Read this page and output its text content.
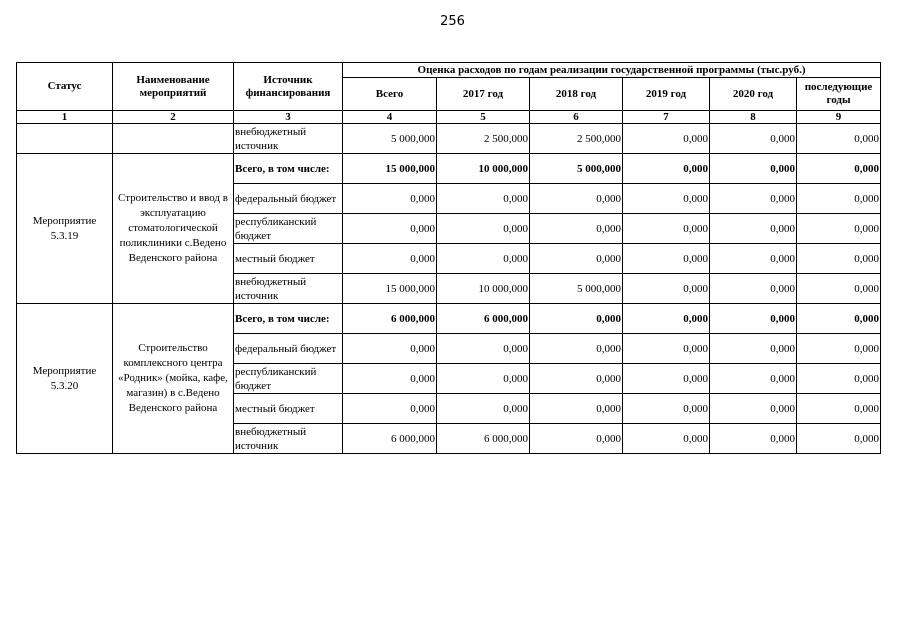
256
Статус	Наименование мероприятий	Источник финансирования	Оценка расходов по годам реализации государственной программы (тыс.руб.)					
			Всего	2017 год	2018 год	2019 год	2020 год	последующие годы
1	2	3	4	5	6	7	8	9
		внебюджетный источник	5 000,000	2 500,000	2 500,000	0,000	0,000	0,000
Мероприятие 5.3.19	Строительство и ввод в эксплуатацию стоматологической поликлиники с.Ведено Веденского района	Всего, в том числе:	15 000,000	10 000,000	5 000,000	0,000	0,000	0,000
		федеральный бюджет	0,000	0,000	0,000	0,000	0,000	0,000
		республиканский бюджет	0,000	0,000	0,000	0,000	0,000	0,000
		местный бюджет	0,000	0,000	0,000	0,000	0,000	0,000
		внебюджетный источник	15 000,000	10 000,000	5 000,000	0,000	0,000	0,000
Мероприятие 5.3.20	Строительство комплексного центра «Родник» (мойка, кафе, магазин) в с.Ведено Веденского района	Всего, в том числе:	6 000,000	6 000,000	0,000	0,000	0,000	0,000
		федеральный бюджет	0,000	0,000	0,000	0,000	0,000	0,000
		республиканский бюджет	0,000	0,000	0,000	0,000	0,000	0,000
		местный бюджет	0,000	0,000	0,000	0,000	0,000	0,000
		внебюджетный источник	6 000,000	6 000,000	0,000	0,000	0,000	0,000
